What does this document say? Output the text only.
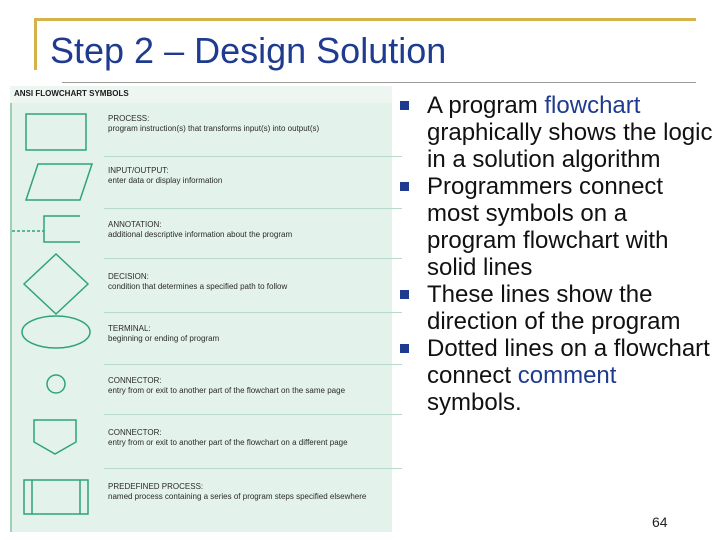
Step 2 – Design Solution
ANSI FLOWCHART SYMBOLS
PROCESS:
program instruction(s) that transforms input(s) into output(s)
INPUT/OUTPUT:
enter data or display information
ANNOTATION:
additional descriptive information about the program
DECISION:
condition that determines a specified path to follow
TERMINAL:
beginning or ending of program
CONNECTOR:
entry from or exit to another part of the flowchart on the same page
CONNECTOR:
entry from or exit to another part of the flowchart on a different page
PREDEFINED PROCESS:
named process containing a series of program steps specified elsewhere
A program flowchart graphically shows the logic in a solution algorithm
Programmers connect most symbols on a program flowchart with solid lines
These lines show the direction of the program
Dotted lines on a flowchart connect comment symbols.
64
